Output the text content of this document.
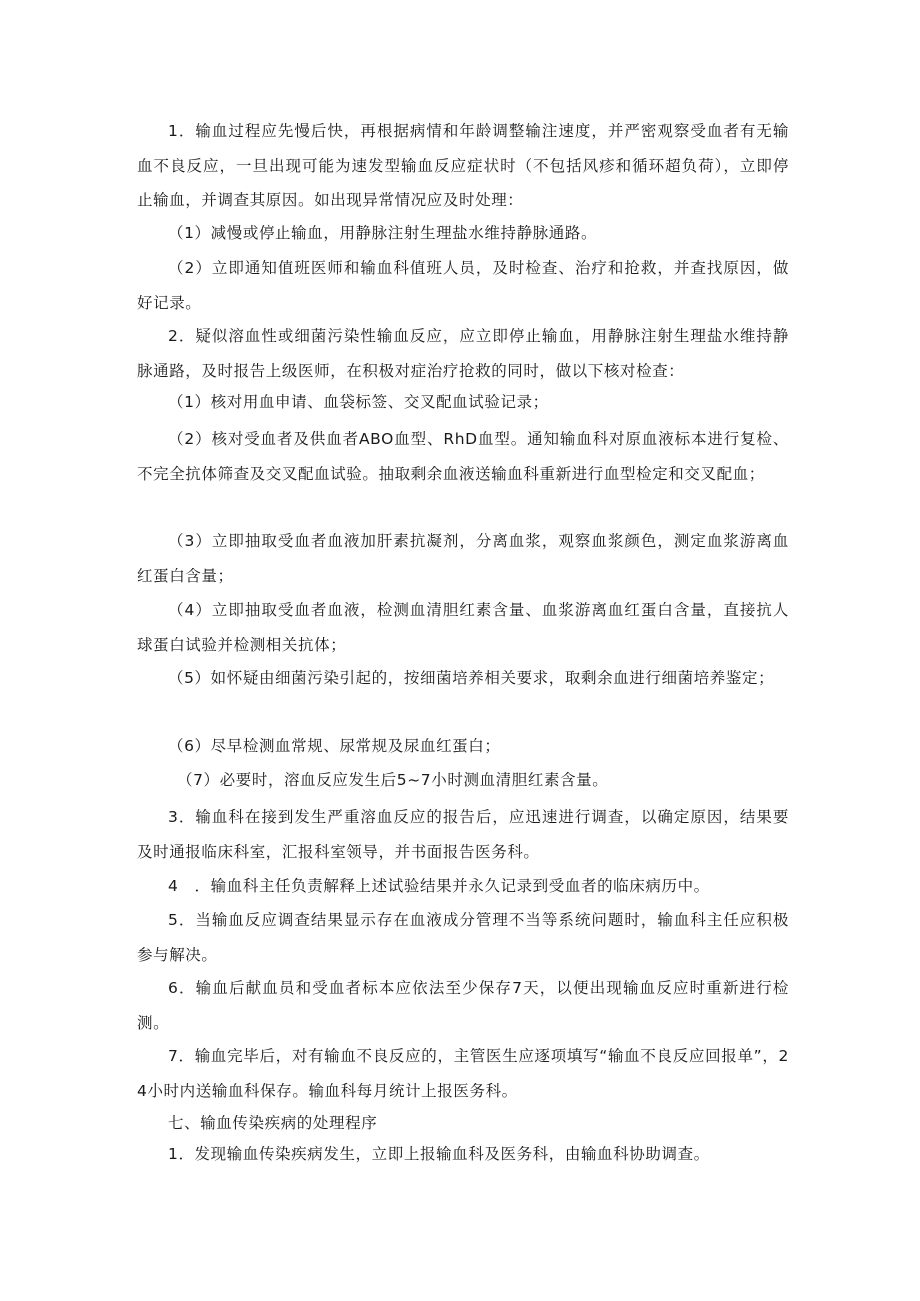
1．输血过程应先慢后快，再根据病情和年龄调整输注速度，并严密观察受血者有无输血不良反应，一旦出现可能为速发型输血反应症状时（不包括风疹和循环超负荷），立即停止输血，并调查其原因。如出现异常情况应及时处理：

（1）减慢或停止输血，用静脉注射生理盐水维持静脉通路。

（2）立即通知值班医师和输血科值班人员，及时检查、治疗和抢救，并查找原因，做好记录。

2．疑似溶血性或细菌污染性输血反应，应立即停止输血，用静脉注射生理盐水维持静脉通路，及时报告上级医师，在积极对症治疗抢救的同时，做以下核对检查：

（1）核对用血申请、血袋标签、交叉配血试验记录；

（2）核对受血者及供血者ABO血型、RhD血型。通知输血科对原血液标本进行复检、不完全抗体筛查及交叉配血试验。抽取剩余血液送输血科重新进行血型检定和交叉配血；

（3）立即抽取受血者血液加肝素抗凝剂，分离血浆，观察血浆颜色，测定血浆游离血红蛋白含量；

（4）立即抽取受血者血液，检测血清胆红素含量、血浆游离血红蛋白含量，直接抗人球蛋白试验并检测相关抗体；

（5）如怀疑由细菌污染引起的，按细菌培养相关要求，取剩余血进行细菌培养鉴定；

（6）尽早检测血常规、尿常规及尿血红蛋白；

（7）必要时，溶血反应发生后5~7小时测血清胆红素含量。

3．输血科在接到发生严重溶血反应的报告后，应迅速进行调查，以确定原因，结果要及时通报临床科室，汇报科室领导，并书面报告医务科。

4　．输血科主任负责解释上述试验结果并永久记录到受血者的临床病历中。

5．当输血反应调查结果显示存在血液成分管理不当等系统问题时，输血科主任应积极参与解决。

6．输血后献血员和受血者标本应依法至少保存7天，以便出现输血反应时重新进行检测。

7．输血完毕后，对有输血不良反应的，主管医生应逐项填写“输血不良反应回报单”，24小时内送输血科保存。输血科每月统计上报医务科。

七、输血传染疾病的处理程序

1．发现输血传染疾病发生，立即上报输血科及医务科，由输血科协助调查。
